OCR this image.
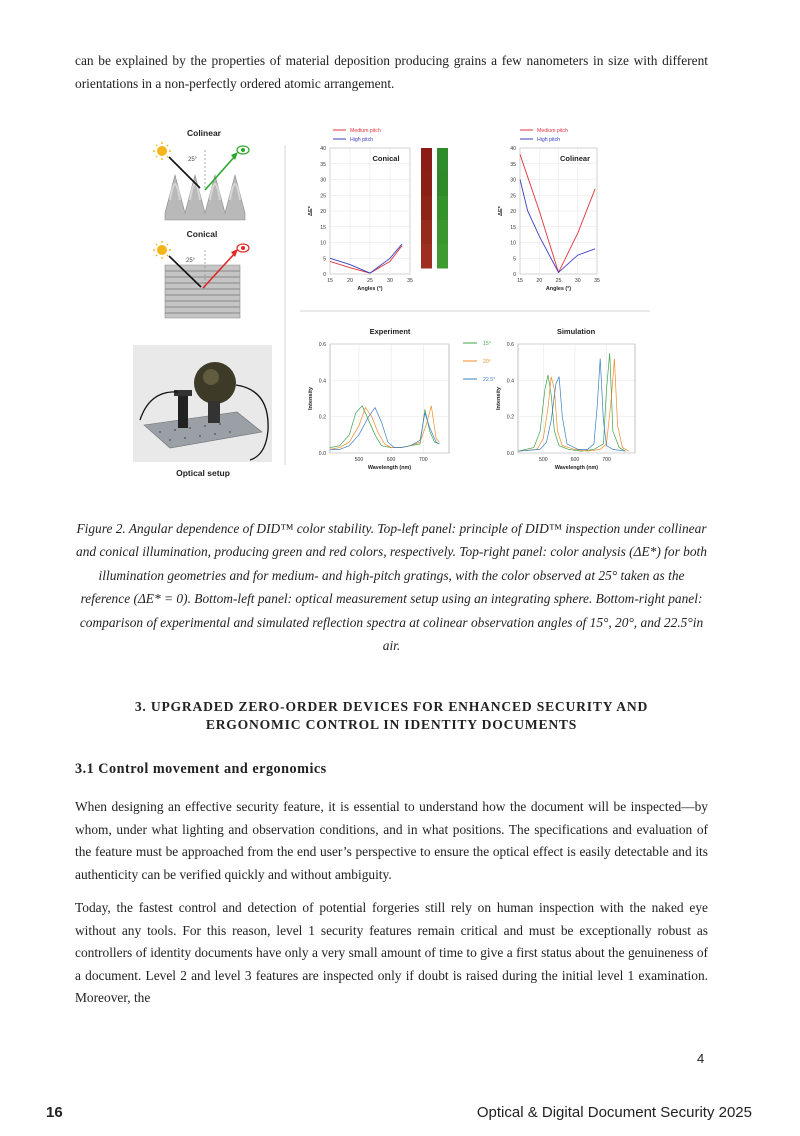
can be explained by the properties of material deposition producing grains a few nanometers in size with different orientations in a non-perfectly ordered atomic arrangement.

Colinear
25°
Conical
25°
Optical setup
0
5
10
15
20
25
30
35
40
15	20	25	30	35
Conical
Angles (°)
ΔE*
Medium pitch
High pitch
0
5
10
15
20
25
30
35
40
15	20	25	30	35
Colinear
Angles (°)
ΔE*
Medium pitch
High pitch
0.0
0.2
0.4
0.6
500	600	700
Experiment
Wavelength (nm)
Intensity
15°
20°
22.5°
0.0
0.2
0.4
0.6
500	600	700
Simulation
Wavelength (nm)
Intensity

Figure 2. Angular dependence of DID™ color stability. Top-left panel: principle of DID™ inspection under collinear and conical illumination, producing green and red colors, respectively. Top-right panel: color analysis (ΔE*) for both illumination geometries and for medium- and high-pitch gratings, with the color observed at 25° taken as the reference (ΔE* = 0). Bottom-left panel: optical measurement setup using an integrating sphere. Bottom-right panel: comparison of experimental and simulated reflection spectra at colinear observation angles of 15°, 20°, and 22.5°in air.

3. UPGRADED ZERO-ORDER DEVICES FOR ENHANCED SECURITY AND
ERGONOMIC CONTROL IN IDENTITY DOCUMENTS

3.1 Control movement and ergonomics

When designing an effective security feature, it is essential to understand how the document will be inspected—by whom, under what lighting and observation conditions, and in what positions. The specifications and evaluation of the feature must be approached from the end user’s perspective to ensure the optical effect is easily detectable and its authenticity can be verified quickly and without ambiguity.

Today, the fastest control and detection of potential forgeries still rely on human inspection with the naked eye without any tools. For this reason, level 1 security features remain critical and must be exceptionally robust as controllers of identity documents have only a very small amount of time to give a first status about the genuineness of a document. Level 2 and level 3 features are inspected only if doubt is raised during the initial level 1 examination. Moreover, the

4
16	Optical & Digital Document Security 2025
